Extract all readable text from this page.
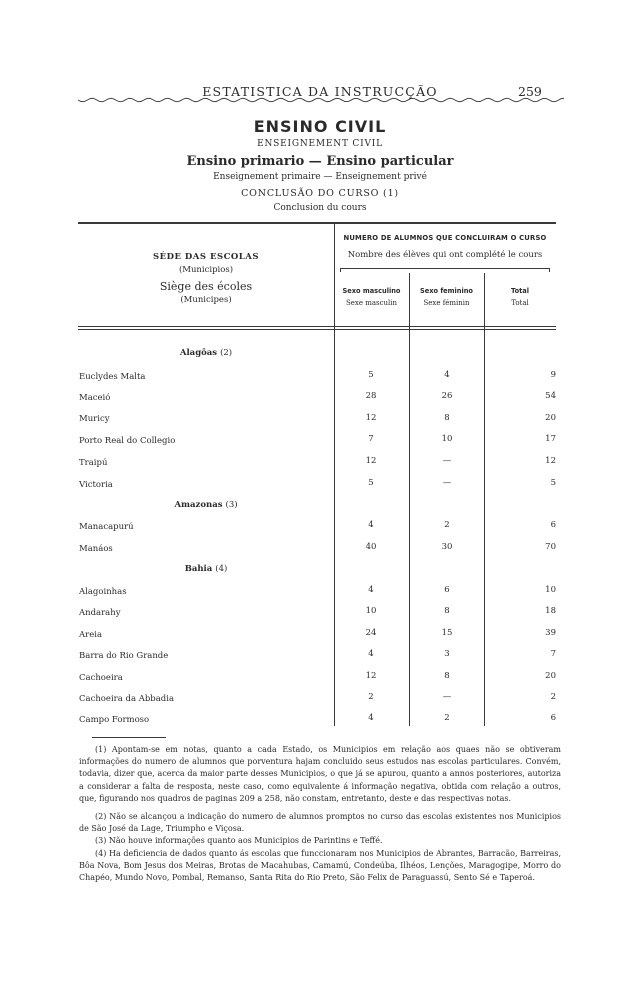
ESTATISTICA DA INSTRUCÇÃO	259
ENSINO CIVIL
ENSEIGNEMENT CIVIL
Ensino primario — Ensino particular
Enseignement primaire — Enseignement privé
CONCLUSÃO DO CURSO (1)
Conclusion du cours
SÉDE DAS ESCOLAS
(Municipios)
Siège des écoles
(Municipes)
NUMERO DE ALUMNOS QUE CONCLUIRAM O CURSO
Nombre des élèves qui ont complété le cours
Sexo masculino
Sexe masculin
Sexo feminino
Sexe féminin
Total
Total
Alagôas (2)
Euclydes Malta	5	4	9
Maceió	28	26	54
Muricy	12	8	20
Porto Real do Collegio	7	10	17
Traipú	12	—	12
Victoria	5	—	5
Amazonas (3)
Manacapurú	4	2	6
Manáos	40	30	70
Bahia (4)
Alagoinhas	4	6	10
Andarahy	10	8	18
Areia	24	15	39
Barra do Rio Grande	4	3	7
Cachoeira	12	8	20
Cachoeira da Abbadia	2	—	2
Campo Formoso	4	2	6

(1) Apontam-se em notas, quanto a cada Estado, os Municipios em relação aos quaes não se obtiveram informações do numero de alumnos que porventura hajam concluido seus estudos nas escolas particulares. Convém, todavia, dizer que, acerca da maior parte desses Municipios, o que já se apurou, quanto a annos posteriores, autoriza a considerar a falta de resposta, neste caso, como equivalente á informação negativa, obtida com relação a outros, que, figurando nos quadros de paginas 209 a 258, não constam, entretanto, deste e das respectivas notas.

(2) Não se alcançou a indicação do numero de alumnos promptos no curso das escolas existentes nos Municipios de São José da Lage, Triumpho e Viçosa.

(3) Não houve informações quanto aos Municipios de Parintins e Teffé.

(4) Ha deficiencia de dados quanto ás escolas que funccionaram nos Municipios de Abrantes, Barracão, Barreiras, Bôa Nova, Bom Jesus dos Meiras, Brotas de Macahubas, Camamú, Condeúba, Ilhéos, Lenções, Maragogipe, Morro do Chapéo, Mundo Novo, Pombal, Remanso, Santa Rita do Rio Preto, São Felix de Paraguassú, Sento Sé e Taperoá.
